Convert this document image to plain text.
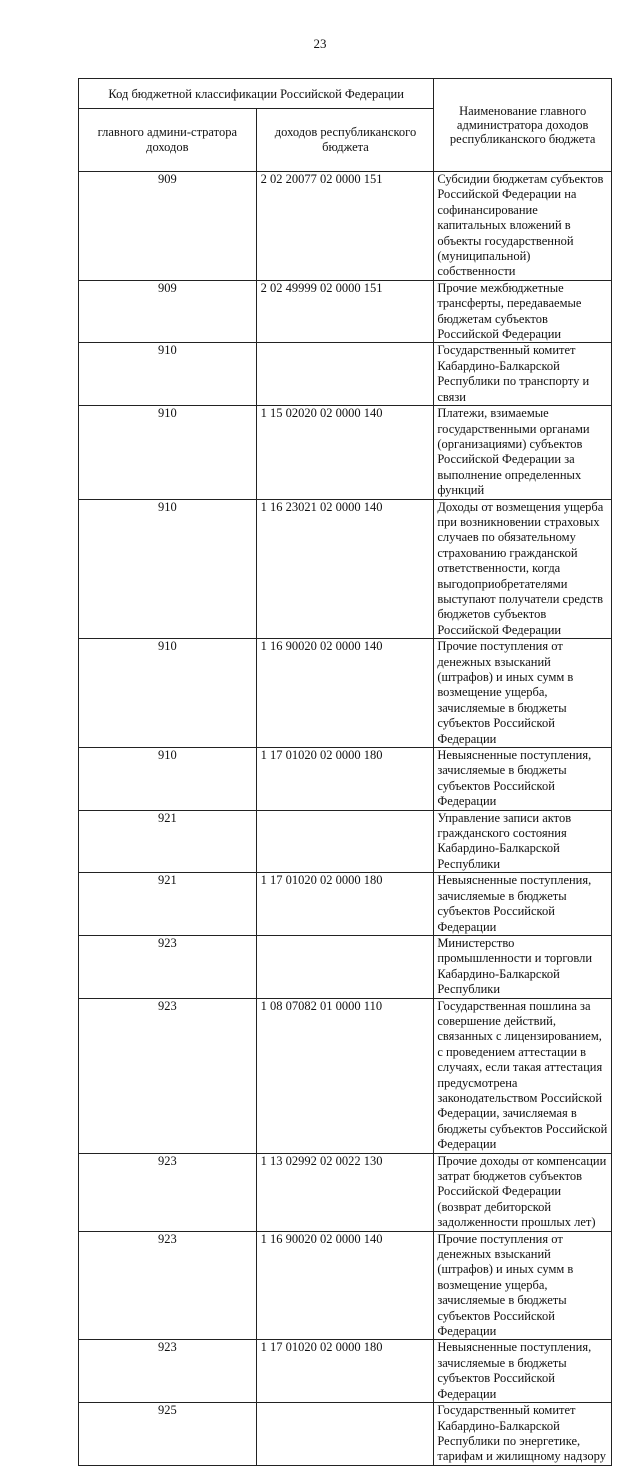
23
Код бюджетной классификации Российской Федерации		Наименование главного администратора доходов республиканского бюджета
главного админи-стратора доходов	доходов республиканского бюджета	
909	2 02 20077 02 0000 151	Субсидии бюджетам субъектов Российской Федерации на софинансирование капитальных вложений в объекты государственной (муниципальной) собственности
909	2 02 49999 02 0000 151	Прочие межбюджетные трансферты, передаваемые бюджетам субъектов Российской Федерации
910		Государственный комитет Кабардино-Балкарской Республики по транспорту и связи
910	1 15 02020 02 0000 140	Платежи, взимаемые государственными органами (организациями) субъектов Российской Федерации за выполнение определенных функций
910	1 16 23021 02 0000 140	Доходы от возмещения ущерба при возникновении страховых случаев по обязательному страхованию гражданской ответственности, когда выгодоприобретателями выступают получатели средств бюджетов субъектов Российской Федерации
910	1 16 90020 02 0000 140	Прочие поступления от денежных взысканий (штрафов) и иных сумм в возмещение ущерба, зачисляемые в бюджеты субъектов Российской Федерации
910	1 17 01020 02 0000 180	Невыясненные поступления, зачисляемые в бюджеты субъектов Российской Федерации
921		Управление записи актов гражданского состояния Кабардино-Балкарской Республики
921	1 17 01020 02 0000 180	Невыясненные поступления, зачисляемые в бюджеты субъектов Российской Федерации
923		Министерство промышленности и торговли Кабардино-Балкарской Республики
923	1 08 07082 01 0000 110	Государственная пошлина за совершение действий, связанных с лицензированием, с проведением аттестации в случаях, если такая аттестация предусмотрена законодательством Российской Федерации, зачисляемая в бюджеты субъектов Российской Федерации
923	1 13 02992 02 0022 130	Прочие доходы от компенсации затрат бюджетов субъектов Российской Федерации (возврат дебиторской задолженности прошлых лет)
923	1 16 90020 02 0000 140	Прочие поступления от денежных взысканий (штрафов) и иных сумм в возмещение ущерба, зачисляемые в бюджеты субъектов Российской Федерации
923	1 17 01020 02 0000 180	Невыясненные поступления, зачисляемые в бюджеты субъектов Российской Федерации
925		Государственный комитет Кабардино-Балкарской Республики по энергетике, тарифам и жилищному надзору
